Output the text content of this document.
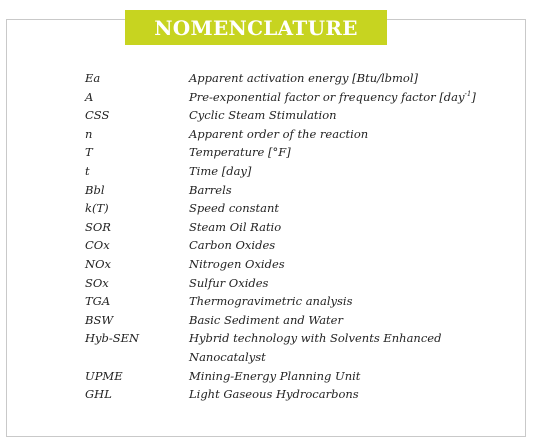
NOMENCLATURE
Ea	Apparent activation energy [Btu/lbmol]
A	Pre-exponential factor or frequency factor [day$^{-1}$]
CSS	Cyclic Steam Stimulation
n	Apparent order of the reaction
T	Temperature [°F]
t	Time [day]
Bbl	Barrels
k(T)	Speed constant
SOR	Steam Oil Ratio
COx	Carbon Oxides
NOx	Nitrogen Oxides
SOx	Sulfur Oxides
TGA	Thermogravimetric analysis
BSW	Basic Sediment and Water
Hyb-SEN	Hybrid technology with Solvents Enhanced
Nanocatalyst
UPME	Mining-Energy Planning Unit
GHL	Light Gaseous Hydrocarbons
